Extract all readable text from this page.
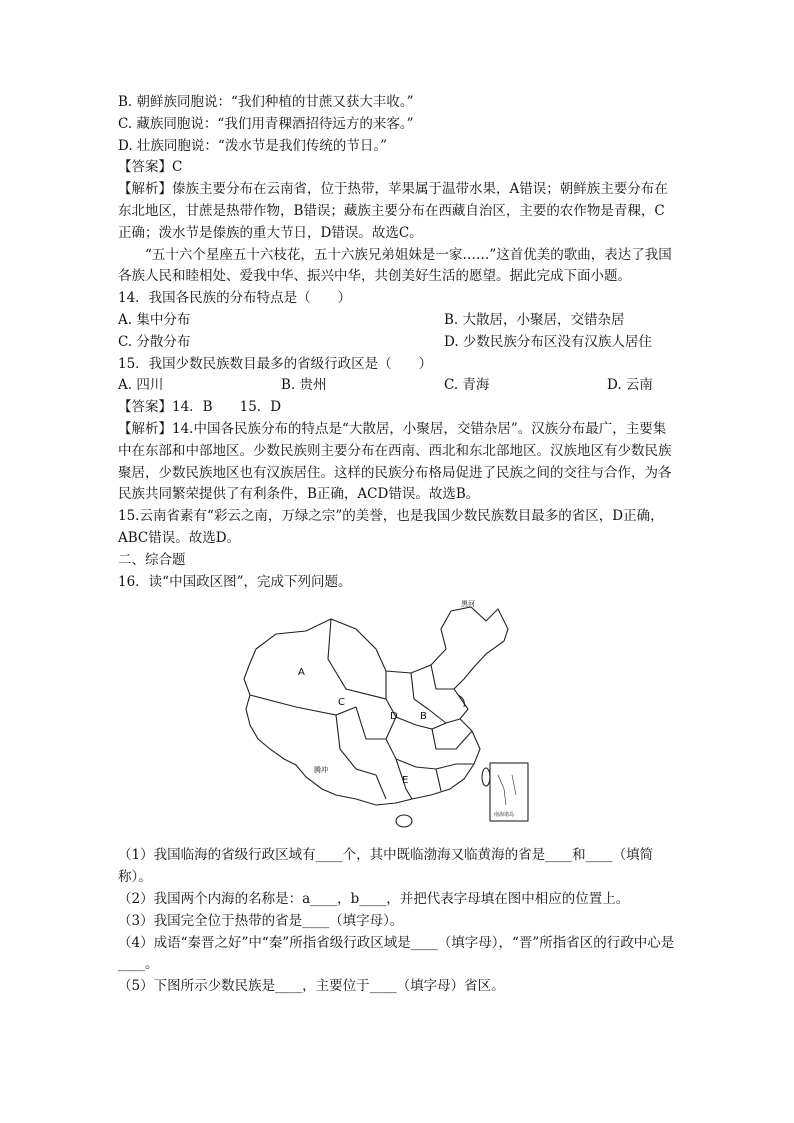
B. 朝鲜族同胞说：“我们种植的甘蔗又获大丰收。”
C. 藏族同胞说：“我们用青稞酒招待远方的来客。”
D. 壮族同胞说：“泼水节是我们传统的节日。”
【答案】C
【解析】傣族主要分布在云南省，位于热带，苹果属于温带水果，A错误；朝鲜族主要分布在东北地区，甘蔗是热带作物，B错误；藏族主要分布在西藏自治区，主要的农作物是青稞，C正确；泼水节是傣族的重大节日，D错误。故选C。
“五十六个星座五十六枝花，五十六族兄弟姐妹是一家……”这首优美的歌曲，表达了我国各族人民和睦相处、爱我中华、振兴中华，共创美好生活的愿望。据此完成下面小题。
14．我国各民族的分布特点是（　　）
A. 集中分布	B. 大散居，小聚居，交错杂居
C. 分散分布	D. 少数民族分布区没有汉族人居住
15．我国少数民族数目最多的省级行政区是（　　）
A. 四川	B. 贵州	C. 青海	D. 云南
【答案】14．B　　15．D
【解析】14.中国各民族分布的特点是“大散居，小聚居，交错杂居”。汉族分布最广，主要集中在东部和中部地区。少数民族则主要分布在西南、西北和东北部地区。汉族地区有少数民族聚居，少数民族地区也有汉族居住。这样的民族分布格局促进了民族之间的交往与合作，为各民族共同繁荣提供了有利条件，B正确，ACD错误。故选B。
15.云南省素有“彩云之南，万绿之宗”的美誉，也是我国少数民族数目最多的省区，D正确，ABC错误。故选D。
二、综合题
16．读“中国政区图”，完成下列问题。
A
C
D B
E
黑河
腾冲
南海诸岛
（1）我国临海的省级行政区域有____个，其中既临渤海又临黄海的省是____和____（填简称）。
（2）我国两个内海的名称是：a____，b____，并把代表字母填在图中相应的位置上。
（3）我国完全位于热带的省是____（填字母）。
（4）成语“秦晋之好”中“秦”所指省级行政区域是____（填字母），“晋”所指省区的行政中心是____。
（5）下图所示少数民族是____，主要位于____（填字母）省区。
